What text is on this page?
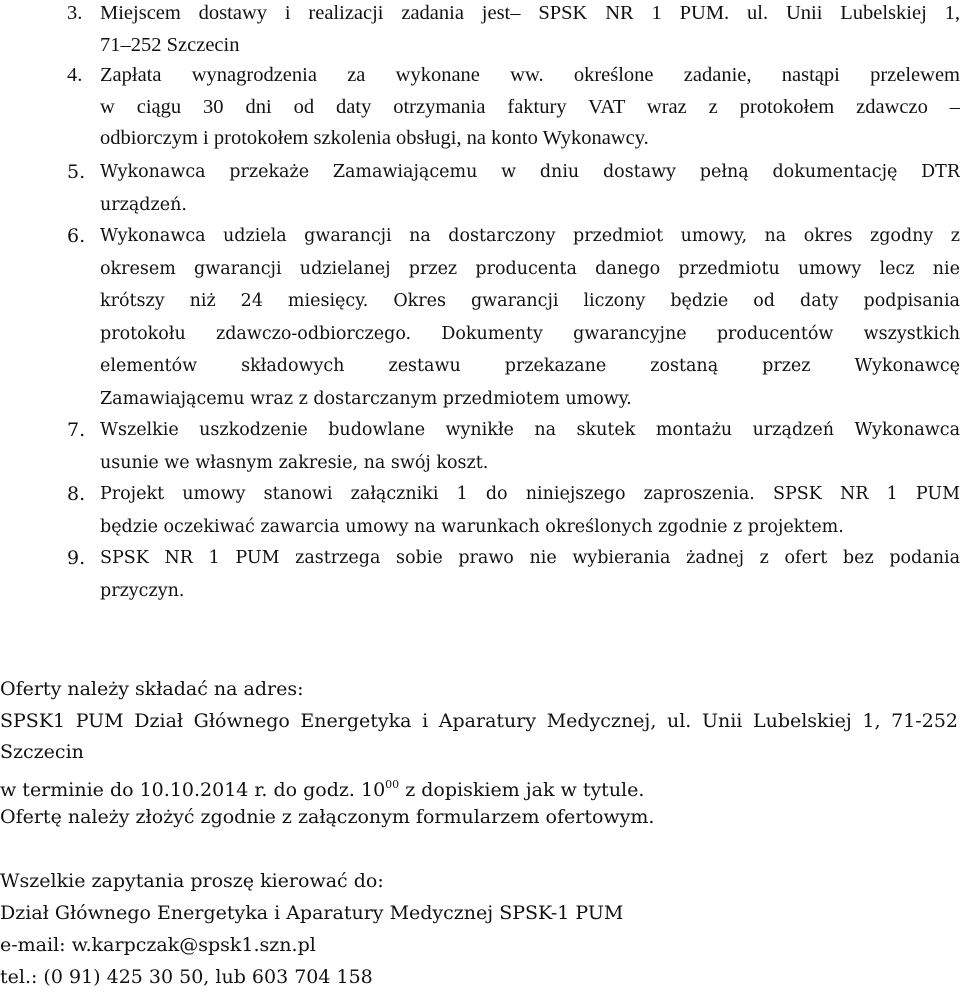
3. Miejscem dostawy i realizacji zadania jest– SPSK NR 1 PUM. ul. Unii Lubelskiej 1,
71–252 Szczecin
4. Zapłata wynagrodzenia za wykonane ww. określone zadanie, nastąpi przelewem
w ciągu 30 dni od daty otrzymania faktury VAT wraz z protokołem zdawczo –
odbiorczym i protokołem szkolenia obsługi, na konto Wykonawcy.
5. Wykonawca przekaże Zamawiającemu w dniu dostawy pełną dokumentację DTR
urządzeń.
6. Wykonawca udziela gwarancji na dostarczony przedmiot umowy, na okres zgodny z
okresem gwarancji udzielanej przez producenta danego przedmiotu umowy lecz nie
krótszy niż 24 miesięcy. Okres gwarancji liczony będzie od daty podpisania
protokołu zdawczo-odbiorczego. Dokumenty gwarancyjne producentów wszystkich
elementów składowych zestawu przekazane zostaną przez Wykonawcę
Zamawiającemu wraz z dostarczanym przedmiotem umowy.
7. Wszelkie uszkodzenie budowlane wynikłe na skutek montażu urządzeń Wykonawca
usunie we własnym zakresie, na swój koszt.
8. Projekt umowy stanowi załączniki 1 do niniejszego zaproszenia. SPSK NR 1 PUM
będzie oczekiwać zawarcia umowy na warunkach określonych zgodnie z projektem.
9. SPSK NR 1 PUM zastrzega sobie prawo nie wybierania żadnej z ofert bez podania
przyczyn.
Oferty należy składać na adres:
SPSK1 PUM Dział Głównego Energetyka i Aparatury Medycznej, ul. Unii Lubelskiej 1, 71-252
Szczecin
w terminie do 10.10.2014 r. do godz. $10^{00}$ z dopiskiem jak w tytule.
Ofertę należy złożyć zgodnie z załączonym formularzem ofertowym.
Wszelkie zapytania proszę kierować do:
Dział Głównego Energetyka i Aparatury Medycznej SPSK-1 PUM
e-mail: w.karpczak@spsk1.szn.pl
tel.: (0 91) 425 30 50, lub 603 704 158
